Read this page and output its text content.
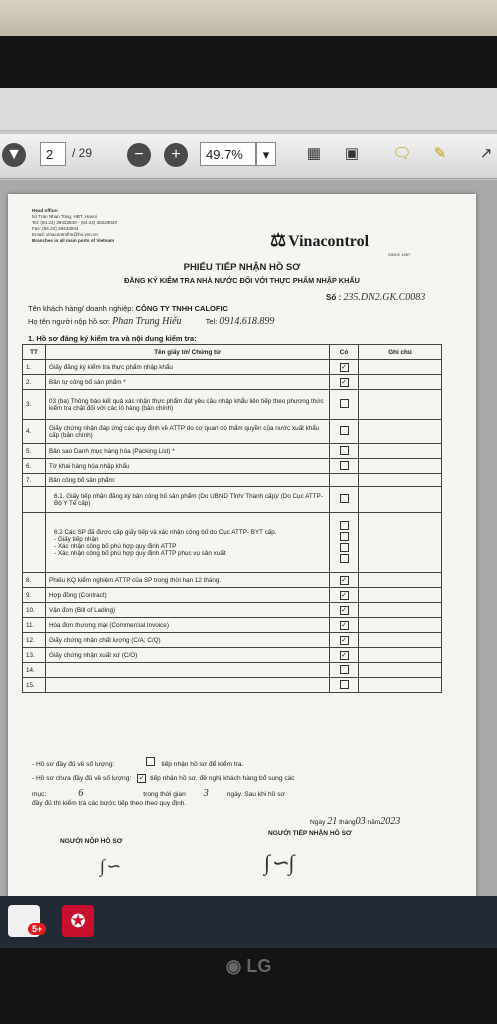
▼	2	/ 29	−	+	49.7%	▾	▦	▣	🗨	✎	↗
Head office:
54 Tran Nhan Tong, HBT, Hanoi
Tel: (84.24) 39433840 - (84.24) 38226020
Fax: (84.24) 39433844
Email: vinacontrolhn@hn.vnn.vn
Branches in all main ports of Vietnam	⚖ Vinacontrol
SINCE 1957
PHIẾU TIẾP NHẬN HỒ SƠ
ĐĂNG KÝ KIỂM TRA NHÀ NƯỚC ĐỐI VỚI THỰC PHẨM NHẬP KHẨU
Số : 235.DN2.GK.C0083
Tên khách hàng/ doanh nghiệp: CÔNG TY TNHH CALOFIC
Họ tên người nộp hồ sơ: Phan Trung Hiếu	Tel: 0914.618.899
1. Hồ sơ đăng ký kiểm tra và nội dung kiểm tra:
TT	Tên giấy tờ/ Chứng từ	Có	Ghi chú
1.	Giấy đăng ký kiểm tra thực phẩm nhập khẩu	✓	
2.	Bản tự công bố sản phẩm *	✓	
3.	03 (ba) Thông báo kết quả xác nhận thực phẩm đạt yêu cầu nhập khẩu liên tiếp theo phương thức kiểm tra chặt đối với các lô hàng (bản chính)		
4.	Giấy chứng nhận đáp ứng các quy định về ATTP do cơ quan có thẩm quyền của nước xuất khẩu cấp (bản chính)		
5.	Bản sao Danh mục hàng hóa (Packing List) *		
6.	Tờ khai hàng hóa nhập khẩu		
7.	Bản công bố sản phẩm:		
	6.1. Giấy tiếp nhận đăng ký bản công bố sản phẩm (Do UBND Tỉnh/ Thành cấp)/ (Do Cục ATTP- Bộ Y Tế cấp)		

	6.2 Các SP đã được cấp giấy tiếp và xác nhận công bố do Cục ATTP- BYT cấp.
- Giấy tiếp nhận
- Xác nhận công bố phù hợp quy định ATTP
- Xác nhận công bố phù hợp quy định ATTP phục vụ sản xuất		

8.	Phiếu KQ kiểm nghiệm ATTP của SP trong thời hạn 12 tháng.	✓	
9.	Hợp đồng (Contract)	✓	
10.	Vận đơn (Bill of Lading)	✓	
11.	Hóa đơn thương mại (Commercial Invoice)	✓	
12.	Giấy chứng nhận chất lượng (C/A; C/Q)	✓	
13.	Giấy chứng nhận xuất xứ (C/O)	✓	
14.			
15.			
- Hồ sơ đầy đủ về số lượng:	tiếp nhận hồ sơ để kiểm tra.
- Hồ sơ chưa đầy đủ về số lượng: ✓ tiếp nhận hồ sơ, đề nghị khách hàng bổ sung các
mục:	6	trong thời gian 3	ngày. Sau khi hồ sơ
đầy đủ thì kiểm tra các bước tiếp theo theo quy định.
Ngày 21 tháng03 năm2023
NGƯỜI NỘP HỒ SƠ
NGƯỜI TIẾP NHẬN HỒ SƠ
∫∽	∫∽∫
5+	✪
◉ LG
